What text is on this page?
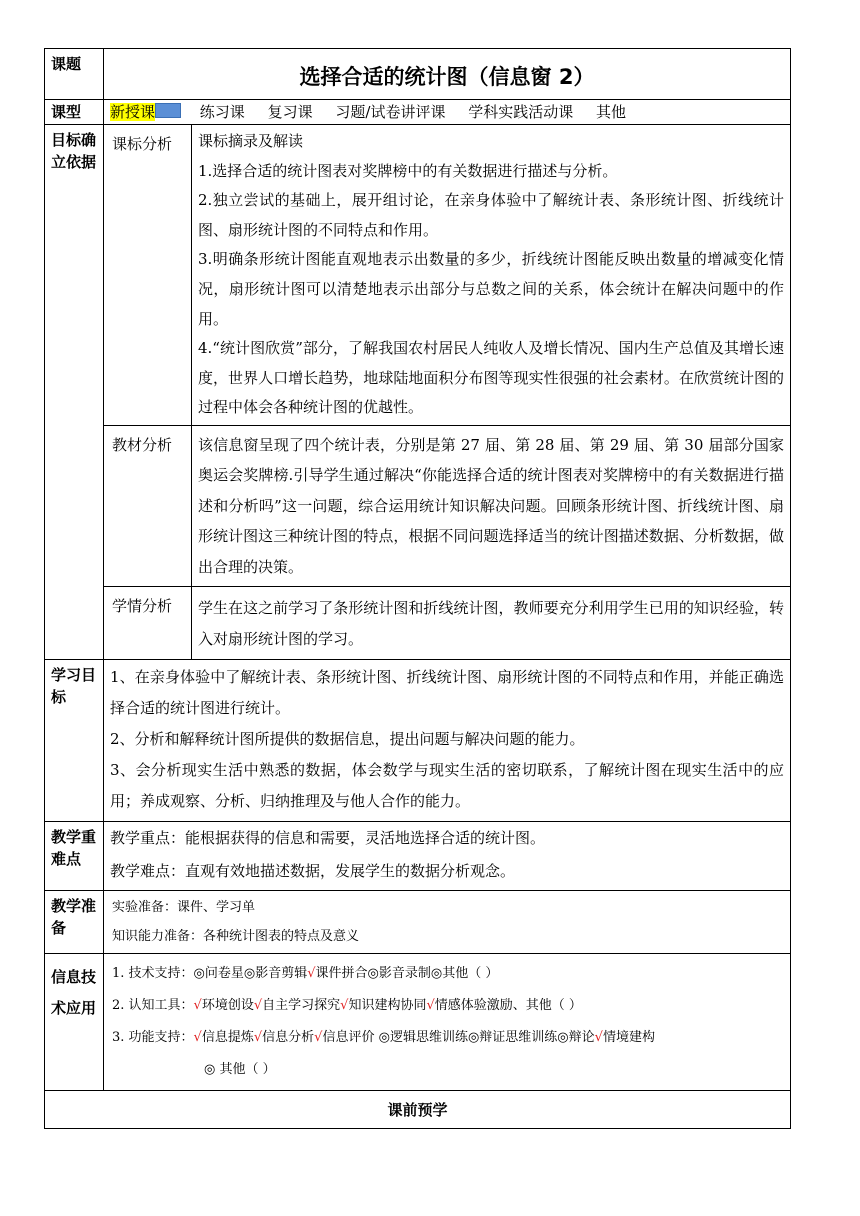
课题	选择合适的统计图（信息窗 2）	
课型	新授课 练习课 复习课 习题/试卷讲评课 学科实践活动课 其他	
目标确立依据	课标分析	课标摘录及解读

1.选择合适的统计图表对奖牌榜中的有关数据进行描述与分析。

2.独立尝试的基础上，展开组讨论，在亲身体验中了解统计表、条形统计图、折线统计图、扇形统计图的不同特点和作用。

3.明确条形统计图能直观地表示出数量的多少，折线统计图能反映出数量的增减变化情况，扇形统计图可以清楚地表示出部分与总数之间的关系，体会统计在解决问题中的作用。

4.“统计图欣赏”部分，了解我国农村居民人纯收人及增长情况、国内生产总值及其增长速度，世界人口增长趋势，地球陆地面积分布图等现实性很强的社会素材。在欣赏统计图的过程中体会各种统计图的优越性。

	教材分析	该信息窗呈现了四个统计表，分别是第 27 届、第 28 届、第 29 届、第 30 届部分国家奥运会奖牌榜.引导学生通过解决“你能选择合适的统计图表对奖牌榜中的有关数据进行描述和分析吗”这一问题，综合运用统计知识解决问题。回顾条形统计图、折线统计图、扇形统计图这三种统计图的特点，根据不同问题选择适当的统计图描述数据、分析数据，做出合理的决策。

	学情分析	学生在这之前学习了条形统计图和折线统计图，教师要充分利用学生已用的知识经验，转入对扇形统计图的学习。

学习目标	1、在亲身体验中了解统计表、条形统计图、折线统计图、扇形统计图的不同特点和作用，并能正确选择合适的统计图进行统计。

2、分析和解释统计图所提供的数据信息，提出问题与解决问题的能力。

3、会分析现实生活中熟悉的数据，体会数学与现实生活的密切联系，了解统计图在现实生活中的应用；养成观察、分析、归纳推理及与他人合作的能力。	

教学重难点	教学重点：能根据获得的信息和需要，灵活地选择合适的统计图。

教学难点：直观有效地描述数据，发展学生的数据分析观念。	

教学准备	实验准备：课件、学习单

知识能力准备：各种统计图表的特点及意义	

信息技术应用	1. 技术支持：◎问卷星◎影音剪辑√课件拼合◎影音录制◎其他（ ）

2. 认知工具：√环境创设√自主学习探究√知识建构协同√情感体验激励、其他（ ）

3. 功能支持：√信息提炼√信息分析√信息评价 ◎逻辑思维训练◎辩证思维训练◎辩论√情境建构

◎ 其他（ ）	

课前预学		
